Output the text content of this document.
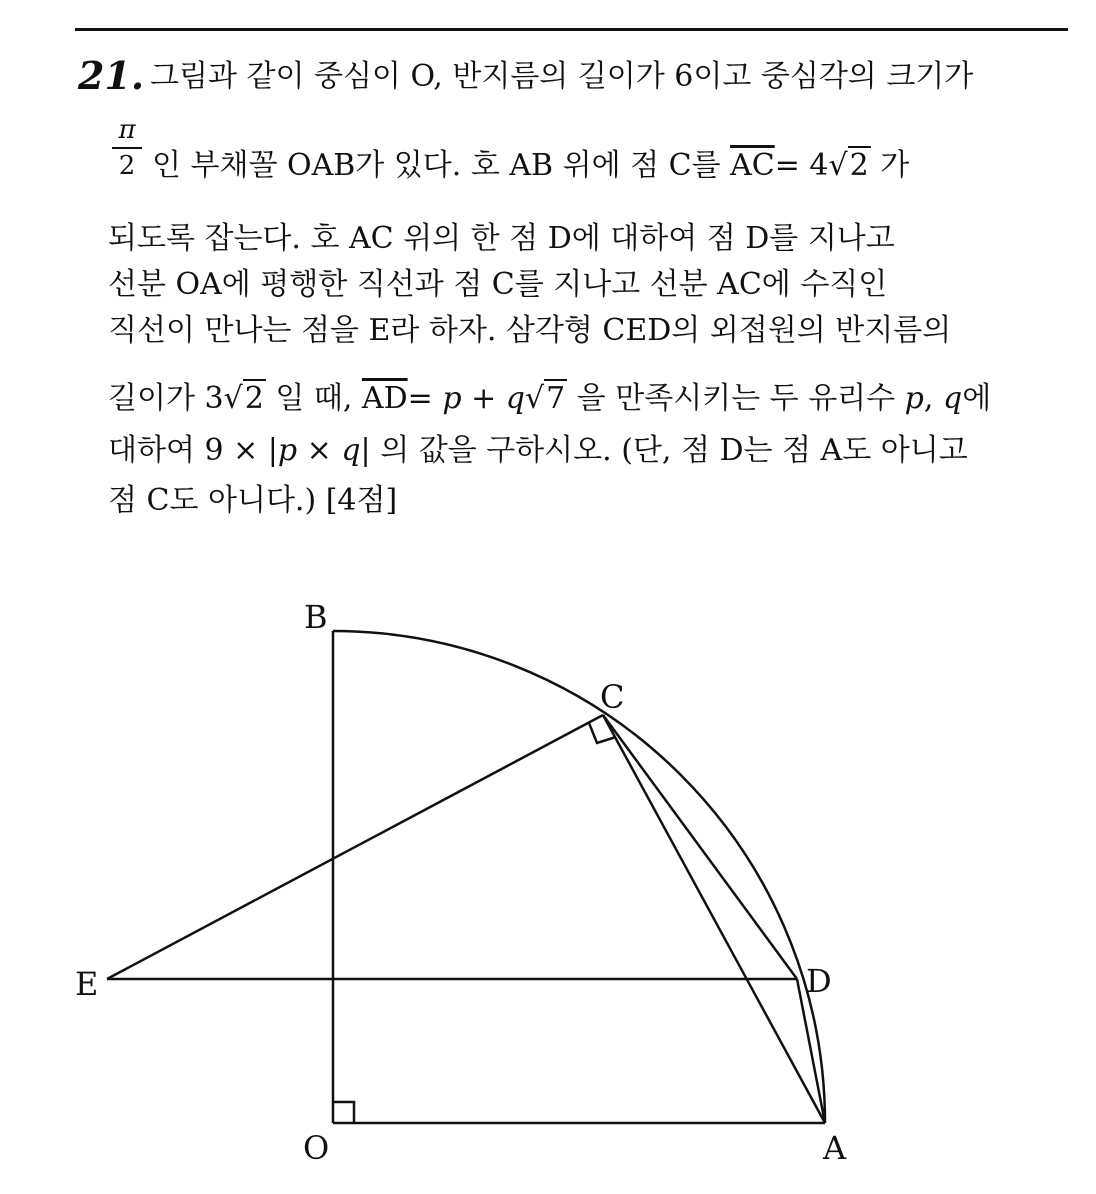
21. 그림과 같이 중심이 O, 반지름의 길이가 6이고 중심각의 크기가
π
2 인 부채꼴 OAB가 있다. 호 AB 위에 점 C를 $\overline{AC}= 4√2$ 가
되도록 잡는다. 호 AC 위의 한 점 D에 대하여 점 D를 지나고
선분 OA에 평행한 직선과 점 C를 지나고 선분 AC에 수직인
직선이 만나는 점을 E라 하자. 삼각형 CED의 외접원의 반지름의
길이가 3√2 일 때, $\overline{AD}= p + q√7$ 을 만족시키는 두 유리수 p, q에
대하여 9 × |p × q| 의 값을 구하시오. (단, 점 D는 점 A도 아니고
점 C도 아니다.) [4점]
B
C
E	D
O	A
